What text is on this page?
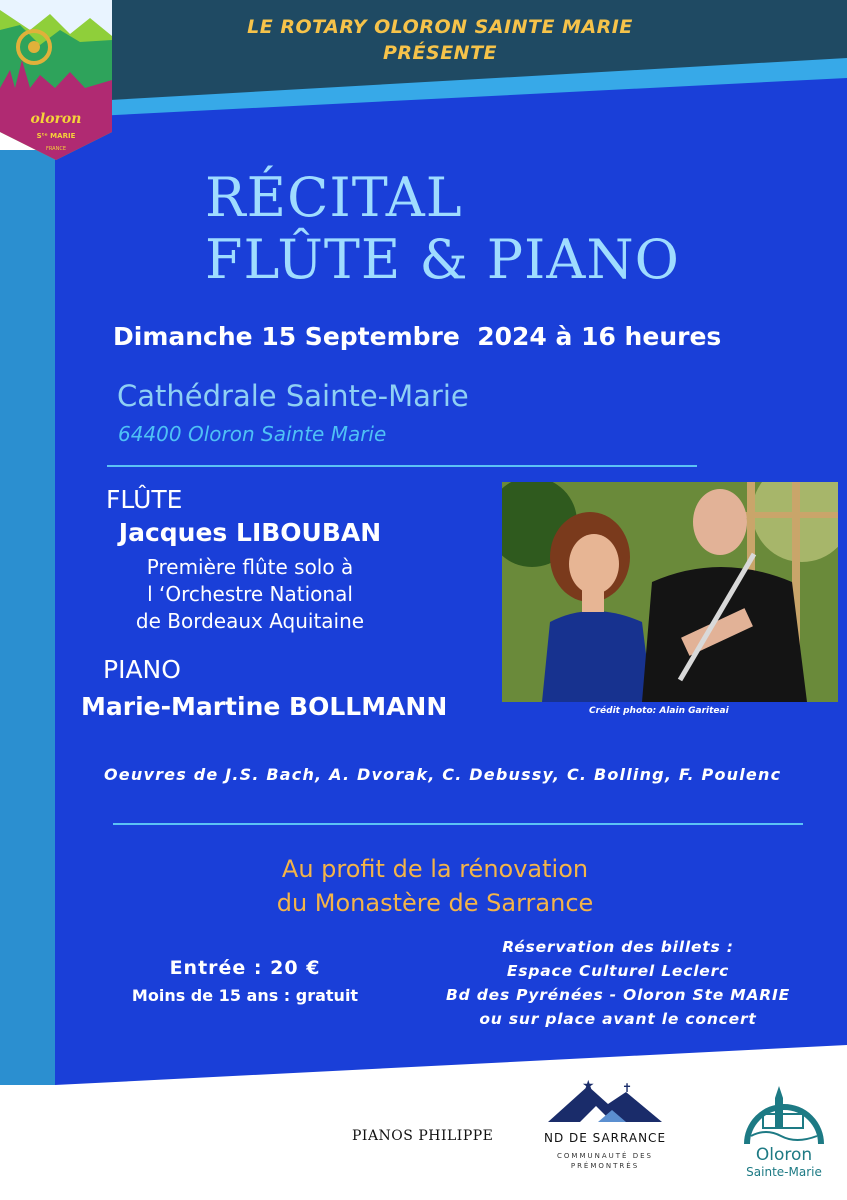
oloron
Sᵗᵉ MARIE
FRANCE
LE ROTARY OLORON SAINTE MARIE
PRÉSENTE
RÉCITAL
FLÛTE & PIANO
Dimanche 15 Septembre  2024 à 16 heures
Cathédrale Sainte-Marie
64400 Oloron Sainte Marie
FLÛTE
Jacques LIBOUBAN
Première flûte solo à
l ‘Orchestre National
de Bordeaux Aquitaine
PIANO
Marie-Martine BOLLMANN	Crédit photo: Alain Gariteai
Oeuvres de J.S. Bach, A. Dvorak, C. Debussy, C. Bolling, F. Poulenc
Au profit de la rénovation
du Monastère de Sarrance
Entrée : 20 €
Moins de 15 ans : gratuit
Réservation des billets :
Espace Culturel Leclerc
Bd des Pyrénées - Oloron Ste MARIE
ou sur place avant le concert
PIANOS PHILIPPE
★ ✝
ND DE SARRANCE
COMMUNAUTÉ DES
PRÉMONTRÉS
Oloron
Sainte-Marie
